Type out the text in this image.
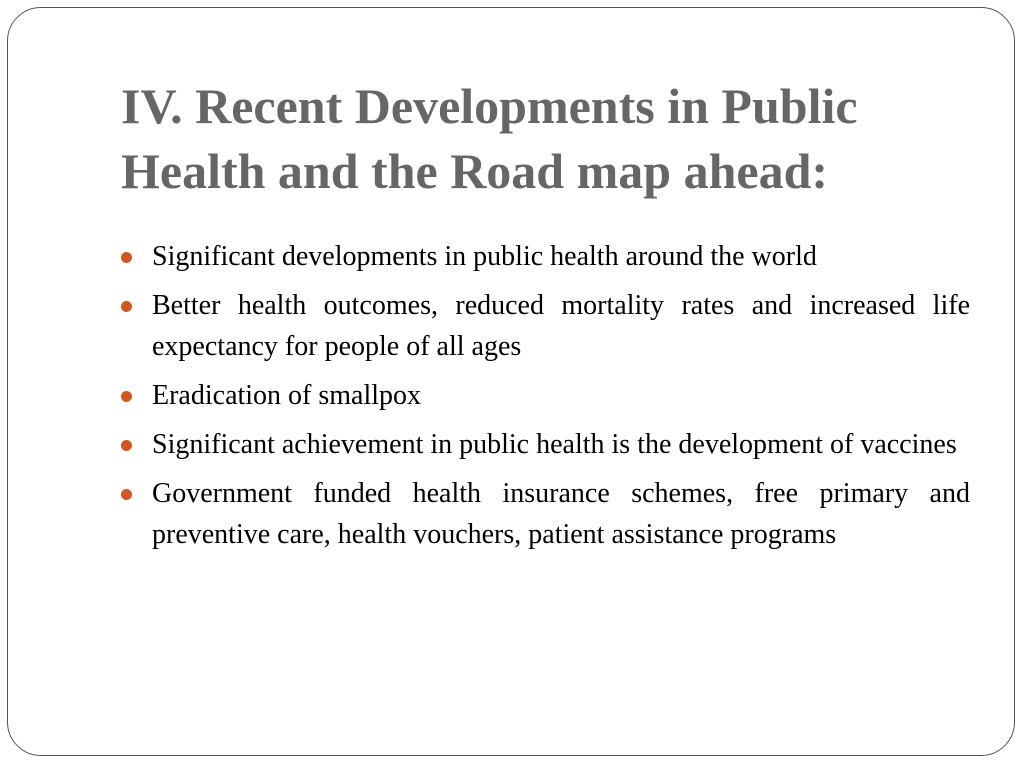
IV. Recent Developments in Public Health and the Road map ahead:
Significant developments in public health around the world
Better health outcomes, reduced mortality rates and increased life expectancy for people of all ages
Eradication of smallpox
Significant achievement in public health is the development of vaccines
Government funded health insurance schemes, free primary and preventive care, health vouchers, patient assistance programs
